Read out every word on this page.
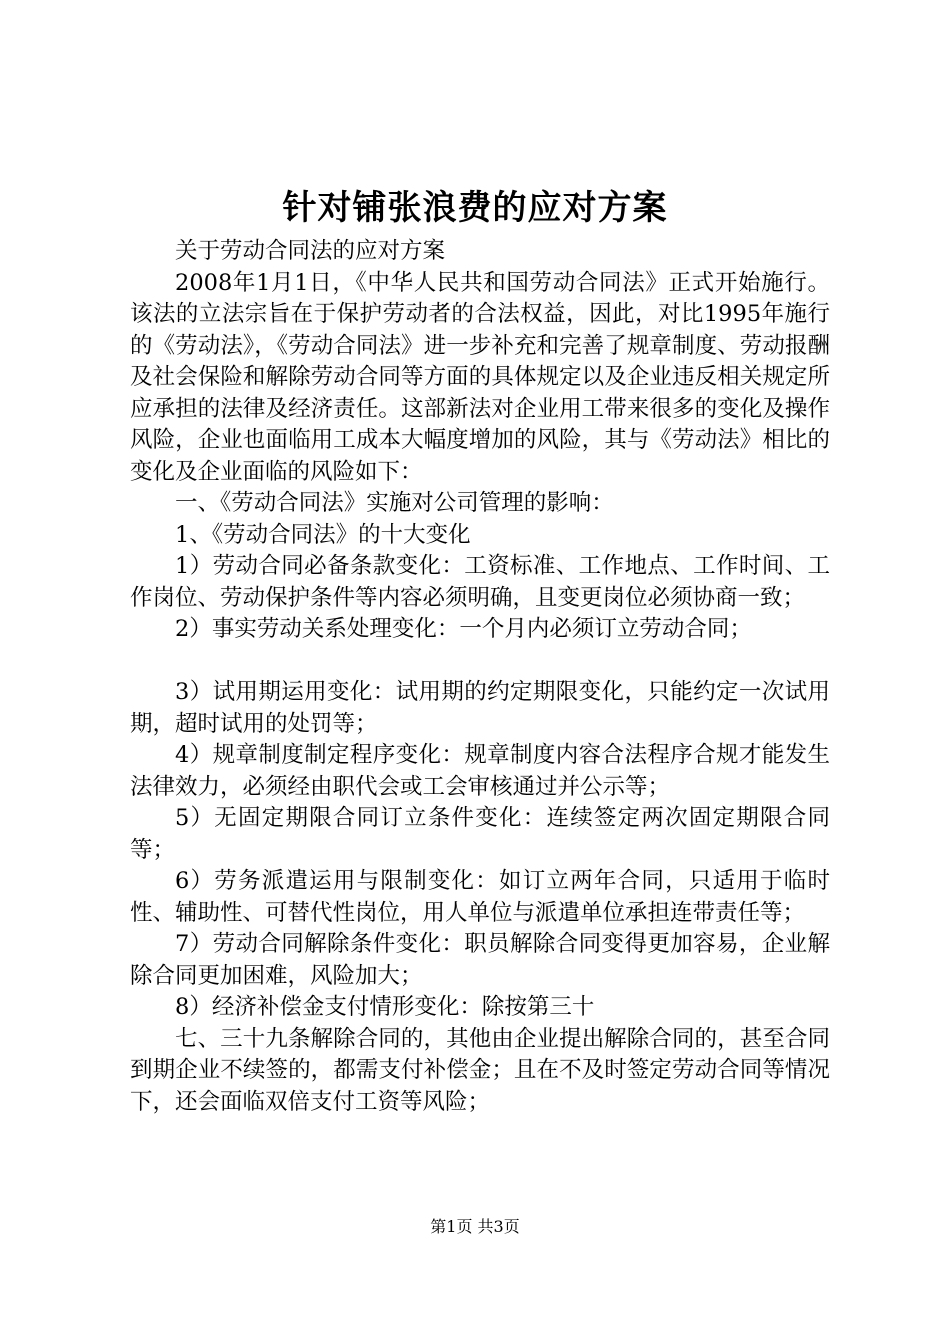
针对铺张浪费的应对方案

关于劳动合同法的应对方案

2008年1月1日，《中华人民共和国劳动合同法》正式开始施行。该法的立法宗旨在于保护劳动者的合法权益，因此，对比1995年施行的《劳动法》，《劳动合同法》进一步补充和完善了规章制度、劳动报酬及社会保险和解除劳动合同等方面的具体规定以及企业违反相关规定所应承担的法律及经济责任。这部新法对企业用工带来很多的变化及操作风险，企业也面临用工成本大幅度增加的风险，其与《劳动法》相比的变化及企业面临的风险如下：

一、《劳动合同法》实施对公司管理的影响：

1、《劳动合同法》的十大变化

1）劳动合同必备条款变化：工资标准、工作地点、工作时间、工作岗位、劳动保护条件等内容必须明确，且变更岗位必须协商一致；

2）事实劳动关系处理变化：一个月内必须订立劳动合同；

3）试用期运用变化：试用期的约定期限变化，只能约定一次试用期，超时试用的处罚等；

4）规章制度制定程序变化：规章制度内容合法程序合规才能发生法律效力，必须经由职代会或工会审核通过并公示等；

5）无固定期限合同订立条件变化：连续签定两次固定期限合同等；

6）劳务派遣运用与限制变化：如订立两年合同，只适用于临时性、辅助性、可替代性岗位，用人单位与派遣单位承担连带责任等；

7）劳动合同解除条件变化：职员解除合同变得更加容易，企业解除合同更加困难，风险加大；

8）经济补偿金支付情形变化：除按第三十

七、三十九条解除合同的，其他由企业提出解除合同的，甚至合同到期企业不续签的，都需支付补偿金；且在不及时签定劳动合同等情况下，还会面临双倍支付工资等风险；

第1页 共3页
